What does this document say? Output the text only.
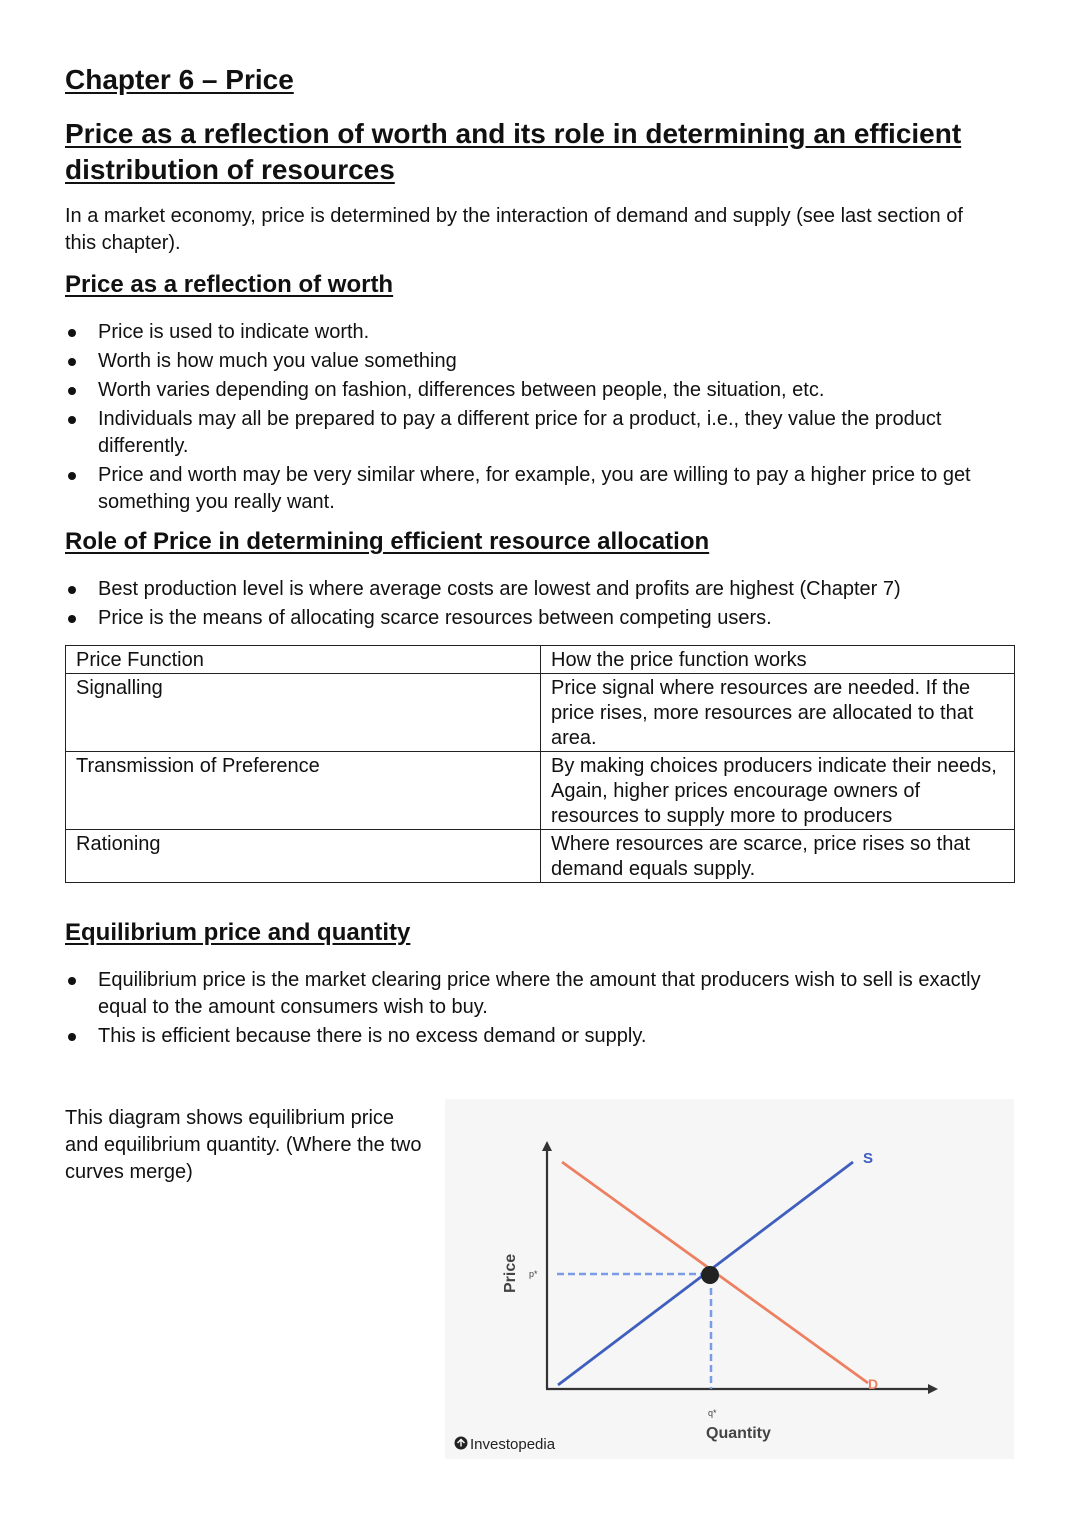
Chapter 6 – Price
Price as a reflection of worth and its role in determining an efficient distribution of resources

In a market economy, price is determined by the interaction of demand and supply (see last section of this chapter).

Price as a reflection of worth
Price is used to indicate worth.
Worth is how much you value something
Worth varies depending on fashion, differences between people, the situation, etc.
Individuals may all be prepared to pay a different price for a product, i.e., they value the product differently.
Price and worth may be very similar where, for example, you are willing to pay a higher price to get something you really want.
Role of Price in determining efficient resource allocation
Best production level is where average costs are lowest and profits are highest (Chapter 7)
Price is the means of allocating scarce resources between competing users.
Price Function	How the price function works
Signalling	Price signal where resources are needed. If the price rises, more resources are allocated to that area.
Transmission of Preference	By making choices producers indicate their needs, Again, higher prices encourage owners of resources to supply more to producers
Rationing	Where resources are scarce, price rises so that demand equals supply.
Equilibrium price and quantity
Equilibrium price is the market clearing price where the amount that producers wish to sell is exactly equal to the amount consumers wish to buy.
This is efficient because there is no excess demand or supply.

This diagram shows equilibrium price and equilibrium quantity. (Where the two curves merge)

S
D
p*
q*
Price
Quantity
Investopedia
